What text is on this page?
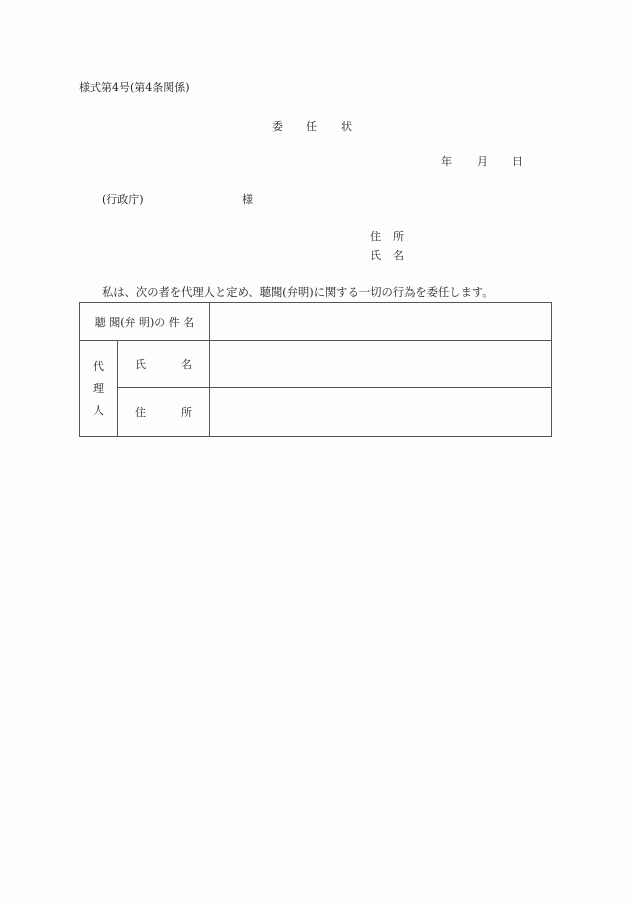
様式第4号(第4条関係)
委 任 状
年 月 日
(行政庁)	様
住 所
氏 名
私は、次の者を代理人と定め、聴聞(弁明)に関する一切の行為を委任します。
聴 聞(弁 明)の 件 名		

代
理
人	氏 名	

	住 所	
